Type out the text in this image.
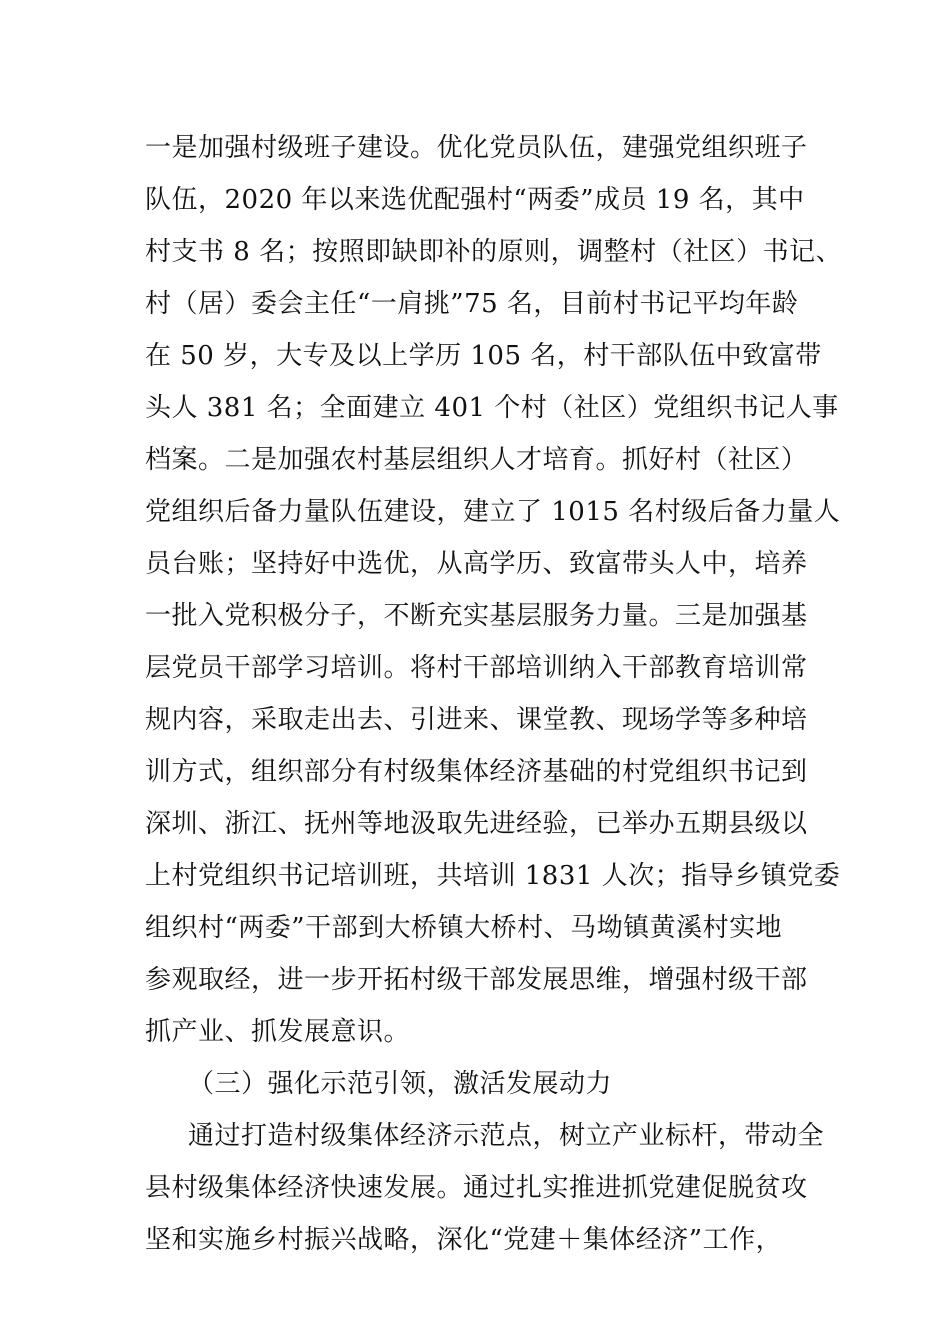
一是加强村级班子建设。优化党员队伍，建强党组织班子
队伍，2020 年以来选优配强村“两委”成员 19 名，其中
村支书 8 名；按照即缺即补的原则，调整村（社区）书记、
村（居）委会主任“一肩挑”75 名，目前村书记平均年龄
在 50 岁，大专及以上学历 105 名，村干部队伍中致富带
头人 381 名；全面建立 401 个村（社区）党组织书记人事
档案。二是加强农村基层组织人才培育。抓好村（社区）
党组织后备力量队伍建设，建立了 1015 名村级后备力量人
员台账；坚持好中选优，从高学历、致富带头人中，培养
一批入党积极分子，不断充实基层服务力量。三是加强基
层党员干部学习培训。将村干部培训纳入干部教育培训常
规内容，采取走出去、引进来、课堂教、现场学等多种培
训方式，组织部分有村级集体经济基础的村党组织书记到
深圳、浙江、抚州等地汲取先进经验，已举办五期县级以
上村党组织书记培训班，共培训 1831 人次；指导乡镇党委
组织村“两委”干部到大桥镇大桥村、马坳镇黄溪村实地
参观取经，进一步开拓村级干部发展思维，增强村级干部
抓产业、抓发展意识。
（三）强化示范引领，激活发展动力
通过打造村级集体经济示范点，树立产业标杆，带动全
县村级集体经济快速发展。通过扎实推进抓党建促脱贫攻
坚和实施乡村振兴战略，深化“党建＋集体经济”工作，
